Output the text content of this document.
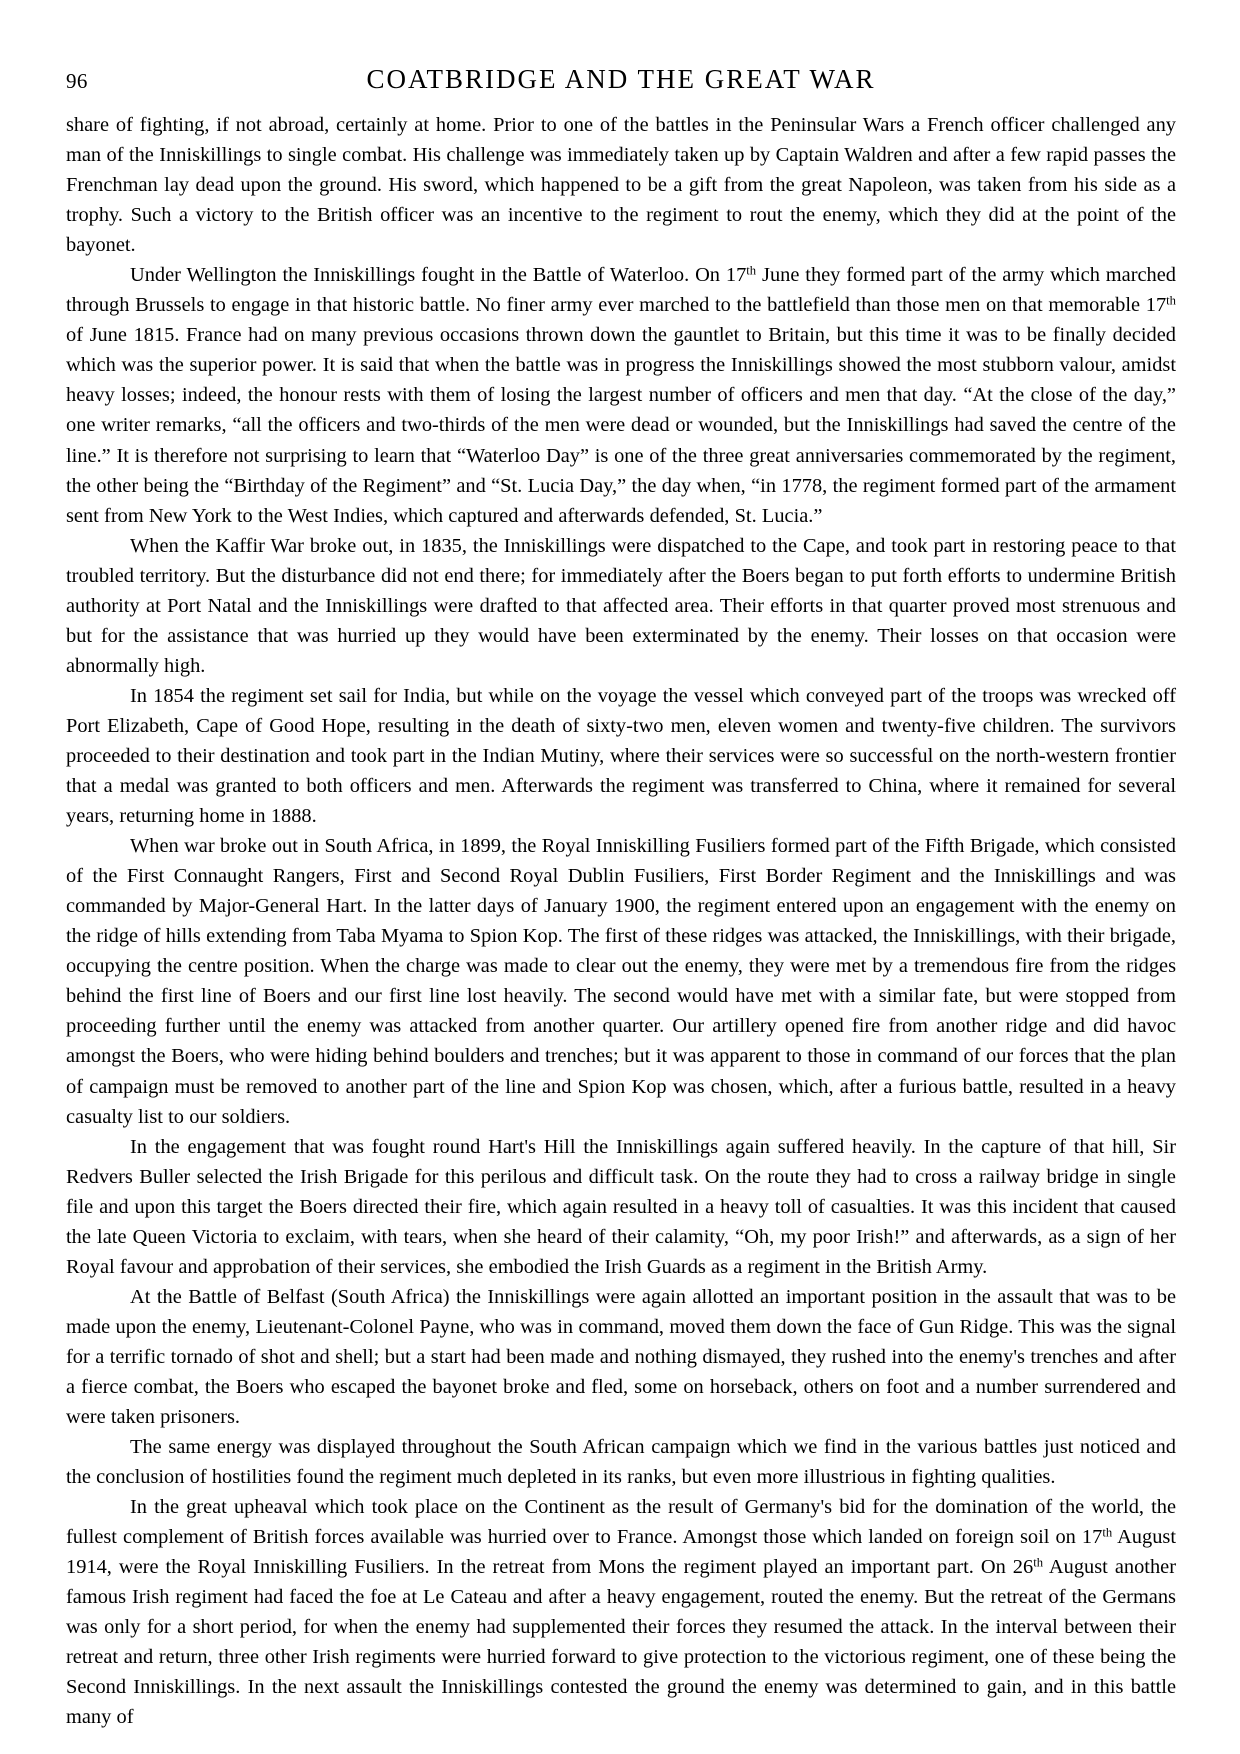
96	COATBRIDGE AND THE GREAT WAR

share of fighting, if not abroad, certainly at home. Prior to one of the battles in the Peninsular Wars a French officer challenged any man of the Inniskillings to single combat. His challenge was immediately taken up by Captain Waldren and after a few rapid passes the Frenchman lay dead upon the ground. His sword, which happened to be a gift from the great Napoleon, was taken from his side as a trophy. Such a victory to the British officer was an incentive to the regiment to rout the enemy, which they did at the point of the bayonet.

Under Wellington the Inniskillings fought in the Battle of Waterloo. On 17th June they formed part of the army which marched through Brussels to engage in that historic battle. No finer army ever marched to the battlefield than those men on that memorable 17th of June 1815. France had on many previous occasions thrown down the gauntlet to Britain, but this time it was to be finally decided which was the superior power. It is said that when the battle was in progress the Inniskillings showed the most stubborn valour, amidst heavy losses; indeed, the honour rests with them of losing the largest number of officers and men that day. “At the close of the day,” one writer remarks, “all the officers and two-thirds of the men were dead or wounded, but the Inniskillings had saved the centre of the line.” It is therefore not surprising to learn that “Waterloo Day” is one of the three great anniversaries commemorated by the regiment, the other being the “Birthday of the Regiment” and “St. Lucia Day,” the day when, “in 1778, the regiment formed part of the armament sent from New York to the West Indies, which captured and afterwards defended, St. Lucia.”

When the Kaffir War broke out, in 1835, the Inniskillings were dispatched to the Cape, and took part in restoring peace to that troubled territory. But the disturbance did not end there; for immediately after the Boers began to put forth efforts to undermine British authority at Port Natal and the Inniskillings were drafted to that affected area. Their efforts in that quarter proved most strenuous and but for the assistance that was hurried up they would have been exterminated by the enemy. Their losses on that occasion were abnormally high.

In 1854 the regiment set sail for India, but while on the voyage the vessel which conveyed part of the troops was wrecked off Port Elizabeth, Cape of Good Hope, resulting in the death of sixty-two men, eleven women and twenty-five children. The survivors proceeded to their destination and took part in the Indian Mutiny, where their services were so successful on the north-western frontier that a medal was granted to both officers and men. Afterwards the regiment was transferred to China, where it remained for several years, returning home in 1888.

When war broke out in South Africa, in 1899, the Royal Inniskilling Fusiliers formed part of the Fifth Brigade, which consisted of the First Connaught Rangers, First and Second Royal Dublin Fusiliers, First Border Regiment and the Inniskillings and was commanded by Major-General Hart. In the latter days of January 1900, the regiment entered upon an engagement with the enemy on the ridge of hills extending from Taba Myama to Spion Kop. The first of these ridges was attacked, the Inniskillings, with their brigade, occupying the centre position. When the charge was made to clear out the enemy, they were met by a tremendous fire from the ridges behind the first line of Boers and our first line lost heavily. The second would have met with a similar fate, but were stopped from proceeding further until the enemy was attacked from another quarter. Our artillery opened fire from another ridge and did havoc amongst the Boers, who were hiding behind boulders and trenches; but it was apparent to those in command of our forces that the plan of campaign must be removed to another part of the line and Spion Kop was chosen, which, after a furious battle, resulted in a heavy casualty list to our soldiers.

In the engagement that was fought round Hart's Hill the Inniskillings again suffered heavily. In the capture of that hill, Sir Redvers Buller selected the Irish Brigade for this perilous and difficult task. On the route they had to cross a railway bridge in single file and upon this target the Boers directed their fire, which again resulted in a heavy toll of casualties. It was this incident that caused the late Queen Victoria to exclaim, with tears, when she heard of their calamity, “Oh, my poor Irish!” and afterwards, as a sign of her Royal favour and approbation of their services, she embodied the Irish Guards as a regiment in the British Army.

At the Battle of Belfast (South Africa) the Inniskillings were again allotted an important position in the assault that was to be made upon the enemy, Lieutenant-Colonel Payne, who was in command, moved them down the face of Gun Ridge. This was the signal for a terrific tornado of shot and shell; but a start had been made and nothing dismayed, they rushed into the enemy's trenches and after a fierce combat, the Boers who escaped the bayonet broke and fled, some on horseback, others on foot and a number surrendered and were taken prisoners.

The same energy was displayed throughout the South African campaign which we find in the various battles just noticed and the conclusion of hostilities found the regiment much depleted in its ranks, but even more illustrious in fighting qualities.

In the great upheaval which took place on the Continent as the result of Germany's bid for the domination of the world, the fullest complement of British forces available was hurried over to France. Amongst those which landed on foreign soil on 17th August 1914, were the Royal Inniskilling Fusiliers. In the retreat from Mons the regiment played an important part. On 26th August another famous Irish regiment had faced the foe at Le Cateau and after a heavy engagement, routed the enemy. But the retreat of the Germans was only for a short period, for when the enemy had supplemented their forces they resumed the attack. In the interval between their retreat and return, three other Irish regiments were hurried forward to give protection to the victorious regiment, one of these being the Second Inniskillings. In the next assault the Inniskillings contested the ground the enemy was determined to gain, and in this battle many of
